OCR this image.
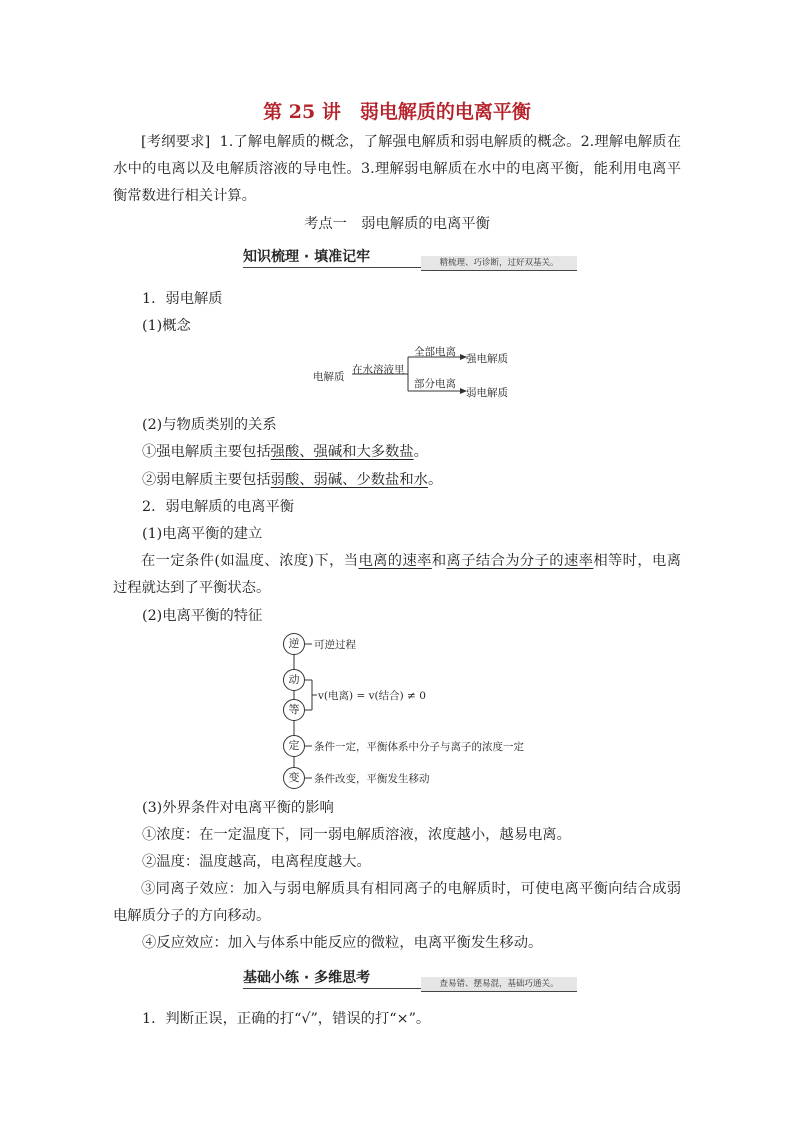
第 25 讲　弱电解质的电离平衡
[考纲要求] 1.了解电解质的概念，了解强电解质和弱电解质的概念。2.理解电解质在水中的电离以及电解质溶液的导电性。3.理解弱电解质在水中的电离平衡，能利用电离平衡常数进行相关计算。
考点一　弱电解质的电离平衡
知识梳理 · 填准记牢	精梳理、巧诊断，过好双基关。
1．弱电解质
(1)概念
电解质
在水溶液里
全部电离
强电解质
部分电离
弱电解质
(2)与物质类别的关系
①强电解质主要包括强酸、强碱和大多数盐。
②弱电解质主要包括弱酸、弱碱、少数盐和水。
2．弱电解质的电离平衡
(1)电离平衡的建立
在一定条件(如温度、浓度)下，当电离的速率和离子结合为分子的速率相等时，电离过程就达到了平衡状态。
(2)电离平衡的特征
逆
动
等
定
变
可逆过程
v(电离) = v(结合) ≠ 0
条件一定，平衡体系中分子与离子的浓度一定
条件改变，平衡发生移动
(3)外界条件对电离平衡的影响
①浓度：在一定温度下，同一弱电解质溶液，浓度越小，越易电离。
②温度：温度越高，电离程度越大。
③同离子效应：加入与弱电解质具有相同离子的电解质时，可使电离平衡向结合成弱电解质分子的方向移动。
④反应效应：加入与体系中能反应的微粒，电离平衡发生移动。
基础小练 · 多维思考	查易错、摆易混，基础巧通关。
1．判断正误，正确的打“√”，错误的打“×”。
